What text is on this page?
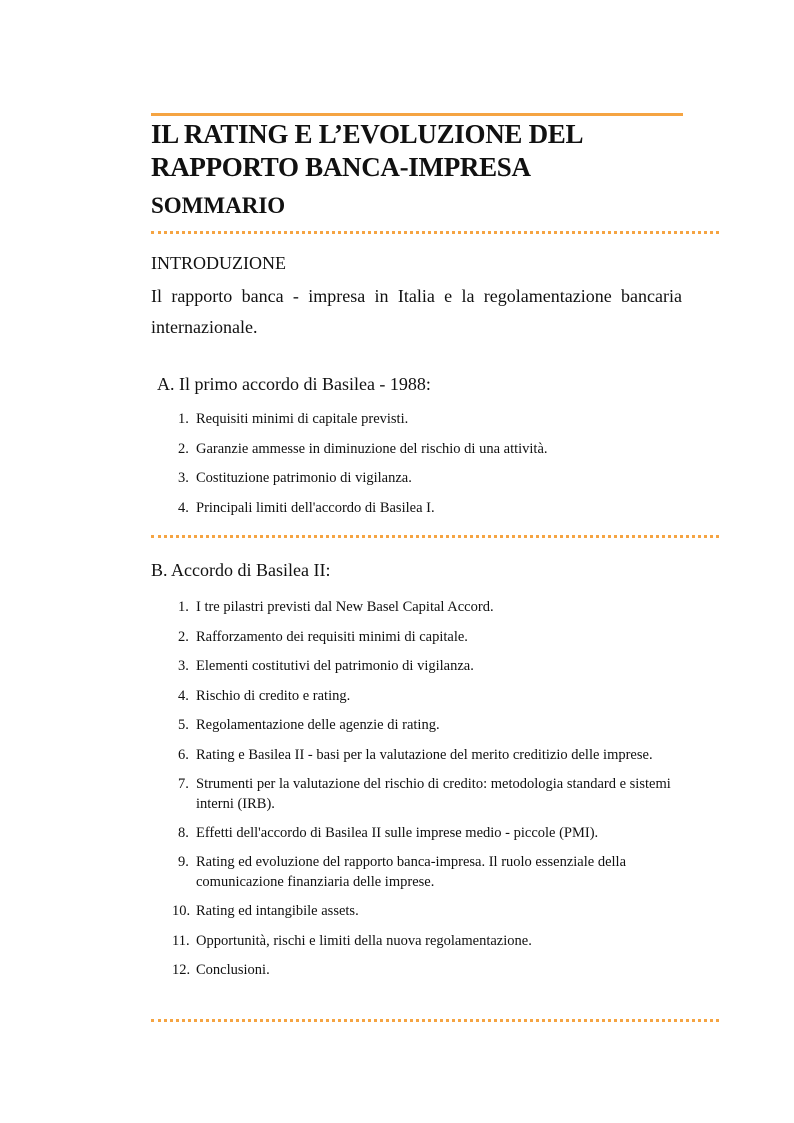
IL RATING E L’EVOLUZIONE DEL
RAPPORTO BANCA-IMPRESA
SOMMARIO
INTRODUZIONE
Il rapporto banca - impresa in Italia e la regolamentazione bancaria internazionale.
A. Il primo accordo di Basilea - 1988:
1. Requisiti minimi di capitale previsti.
2. Garanzie ammesse in diminuzione del rischio di una attività.
3. Costituzione patrimonio di vigilanza.
4. Principali limiti dell'accordo di Basilea I.
B. Accordo di Basilea II:
1. I tre pilastri previsti dal New Basel Capital Accord.
2. Rafforzamento dei requisiti minimi di capitale.
3. Elementi costitutivi del patrimonio di vigilanza.
4. Rischio di credito e rating.
5. Regolamentazione delle agenzie di rating.
6. Rating e Basilea II - basi per la valutazione del merito creditizio delle imprese.
7. Strumenti per la valutazione del rischio di credito: metodologia standard e sistemi interni (IRB).
8. Effetti dell'accordo di Basilea II sulle imprese medio - piccole (PMI).
9. Rating ed evoluzione del rapporto banca-impresa. Il ruolo essenziale della comunicazione finanziaria delle imprese.
10. Rating ed intangibile assets.
11. Opportunità, rischi e limiti della nuova regolamentazione.
12. Conclusioni.
